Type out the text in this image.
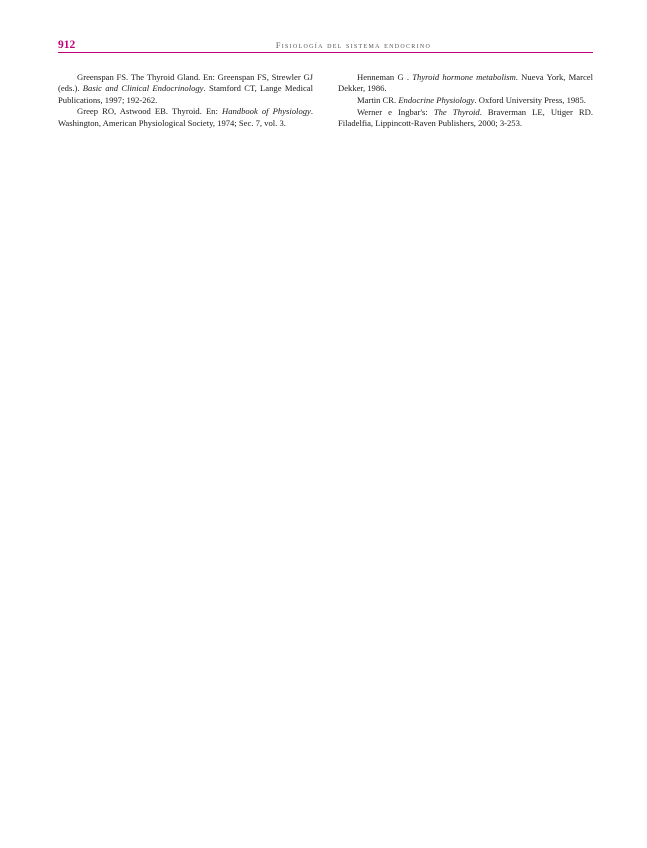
912	Fisiología del sistema endocrino

Greenspan FS. The Thyroid Gland. En: Greenspan FS, Strewler GJ (eds.). Basic and Clinical Endocrinology. Stamford CT, Lange Medical Publications, 1997; 192-262.

Greep RO, Astwood EB. Thyroid. En: Handbook of Physiology. Washington, American Physiological Society, 1974; Sec. 7, vol. 3.

Henneman G . Thyroid hormone metabolism. Nueva York, Marcel Dekker, 1986.

Martin CR. Endocrine Physiology. Oxford University Press, 1985.

Werner e Ingbar's: The Thyroid. Braverman LE, Utiger RD. Filadelfia, Lippincott-Raven Publishers, 2000; 3-253.
